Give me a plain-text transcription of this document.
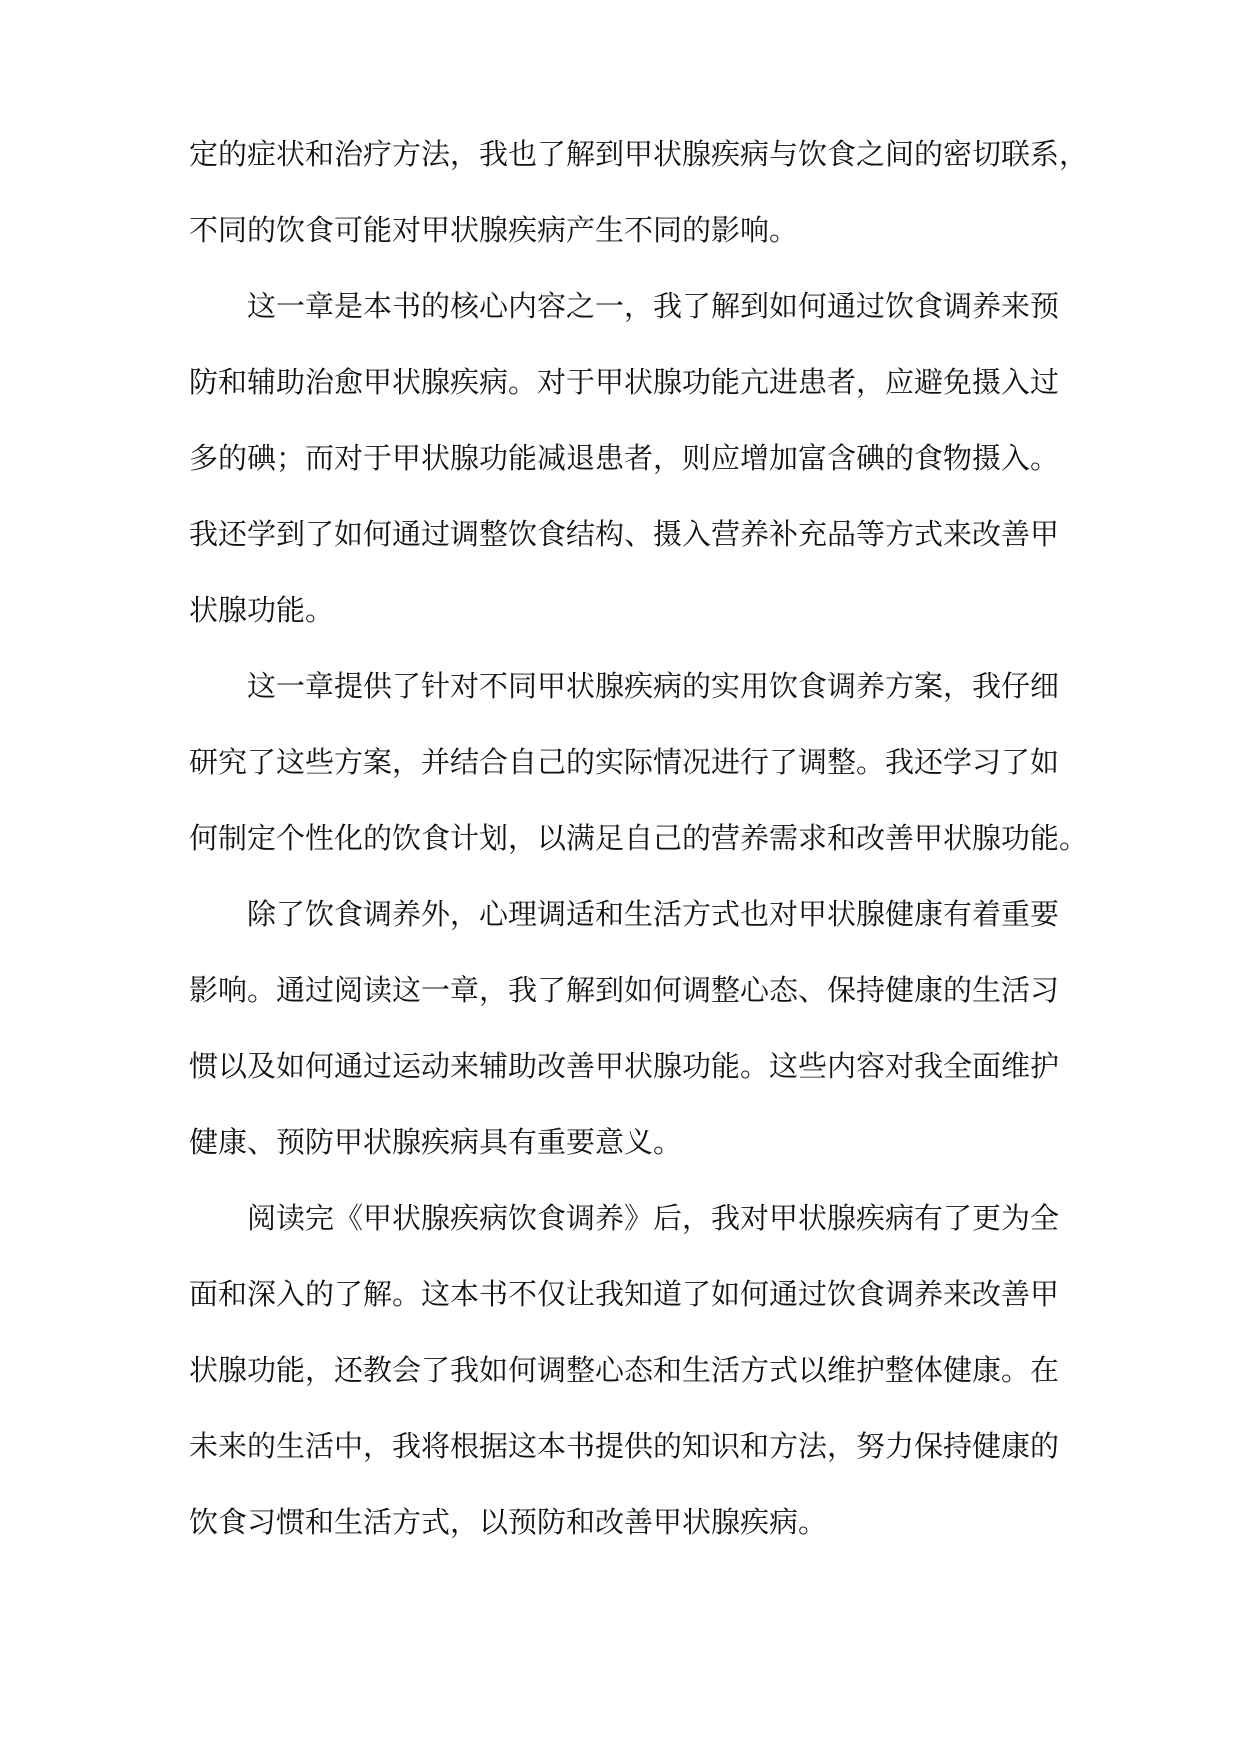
定的症状和治疗方法，我也了解到甲状腺疾病与饮食之间的密切联系，
不同的饮食可能对甲状腺疾病产生不同的影响。
这一章是本书的核心内容之一，我了解到如何通过饮食调养来预
防和辅助治愈甲状腺疾病。对于甲状腺功能亢进患者，应避免摄入过
多的碘；而对于甲状腺功能减退患者，则应增加富含碘的食物摄入。
我还学到了如何通过调整饮食结构、摄入营养补充品等方式来改善甲
状腺功能。
这一章提供了针对不同甲状腺疾病的实用饮食调养方案，我仔细
研究了这些方案，并结合自己的实际情况进行了调整。我还学习了如
何制定个性化的饮食计划，以满足自己的营养需求和改善甲状腺功能。
除了饮食调养外，心理调适和生活方式也对甲状腺健康有着重要
影响。通过阅读这一章，我了解到如何调整心态、保持健康的生活习
惯以及如何通过运动来辅助改善甲状腺功能。这些内容对我全面维护
健康、预防甲状腺疾病具有重要意义。
阅读完《甲状腺疾病饮食调养》后，我对甲状腺疾病有了更为全
面和深入的了解。这本书不仅让我知道了如何通过饮食调养来改善甲
状腺功能，还教会了我如何调整心态和生活方式以维护整体健康。在
未来的生活中，我将根据这本书提供的知识和方法，努力保持健康的
饮食习惯和生活方式，以预防和改善甲状腺疾病。
